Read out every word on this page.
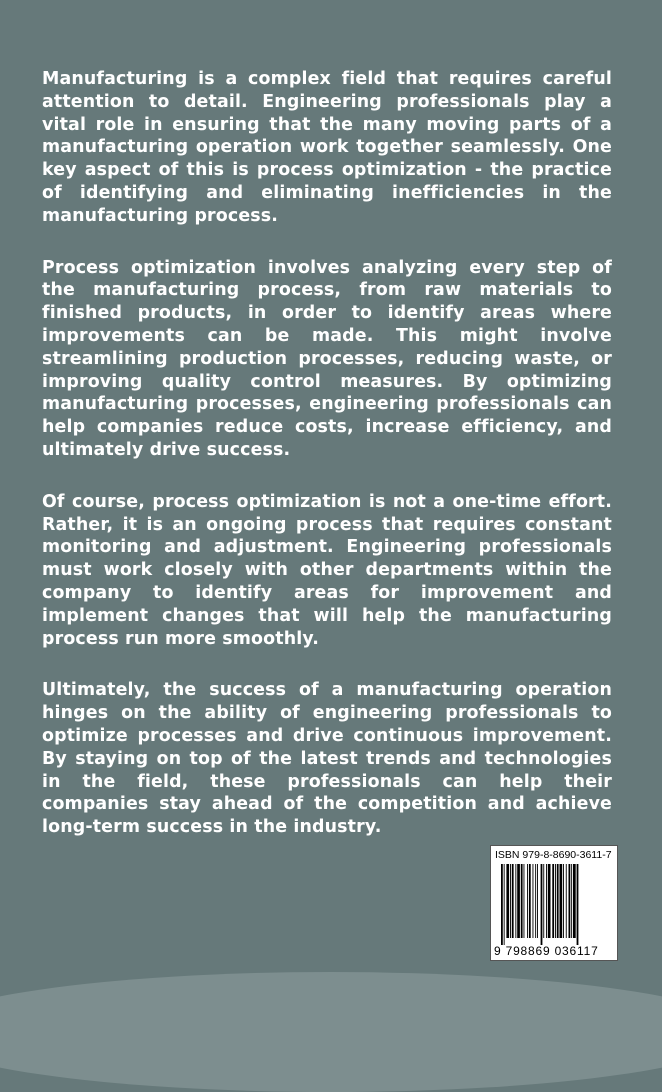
Manufacturing is a complex field that requires careful attention to detail. Engineering professionals play a vital role in ensuring that the many moving parts of a manufacturing operation work together seamlessly. One key aspect of this is process optimization - the practice of identifying and eliminating inefficiencies in the manufacturing process.

Process optimization involves analyzing every step of the manufacturing process, from raw materials to finished products, in order to identify areas where improvements can be made. This might involve streamlining production processes, reducing waste, or improving quality control measures. By optimizing manufacturing processes, engineering professionals can help companies reduce costs, increase efficiency, and ultimately drive success.

Of course, process optimization is not a one-time effort. Rather, it is an ongoing process that requires constant monitoring and adjustment. Engineering professionals must work closely with other departments within the company to identify areas for improvement and implement changes that will help the manufacturing process run more smoothly.

Ultimately, the success of a manufacturing operation hinges on the ability of engineering professionals to optimize processes and drive continuous improvement. By staying on top of the latest trends and technologies in the field, these professionals can help their companies stay ahead of the competition and achieve long-term success in the industry.

ISBN 979-8-8690-3611-7
9 798869 036117
